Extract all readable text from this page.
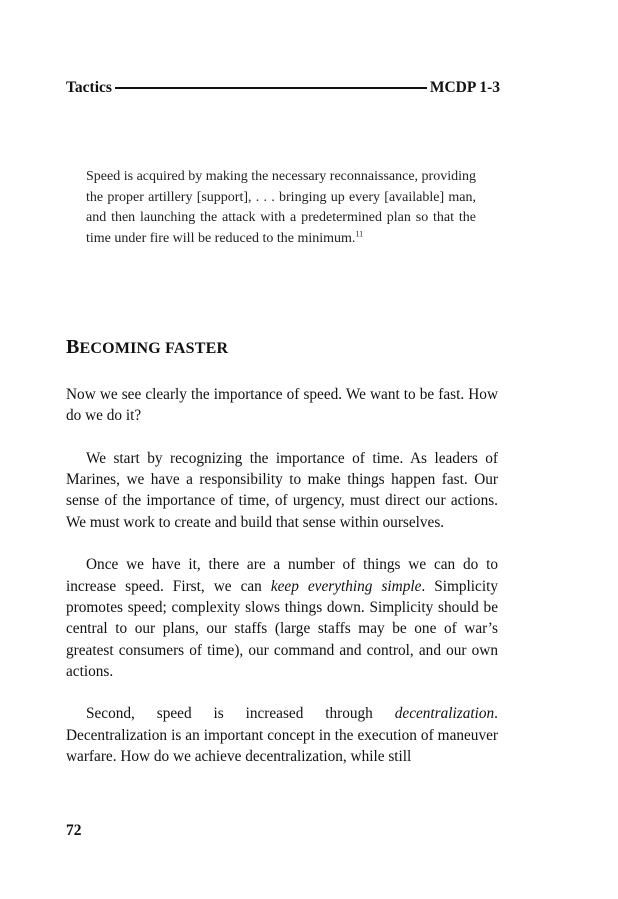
Tactics	MCDP 1-3
Speed is acquired by making the necessary reconnaissance, providing the proper artillery [support], . . . bringing up every [available] man, and then launching the attack with a predetermined plan so that the time under fire will be reduced to the minimum.$^{11}$
BECOMING FASTER

Now we see clearly the importance of speed. We want to be fast. How do we do it?

We start by recognizing the importance of time. As leaders of Marines, we have a responsibility to make things happen fast. Our sense of the importance of time, of urgency, must direct our actions. We must work to create and build that sense within ourselves.

Once we have it, there are a number of things we can do to increase speed. First, we can keep everything simple. Simplicity promotes speed; complexity slows things down. Simplicity should be central to our plans, our staffs (large staffs may be one of war’s greatest consumers of time), our command and control, and our own actions.

Second, speed is increased through decentralization. Decentralization is an important concept in the execution of maneuver warfare. How do we achieve decentralization, while still

72
